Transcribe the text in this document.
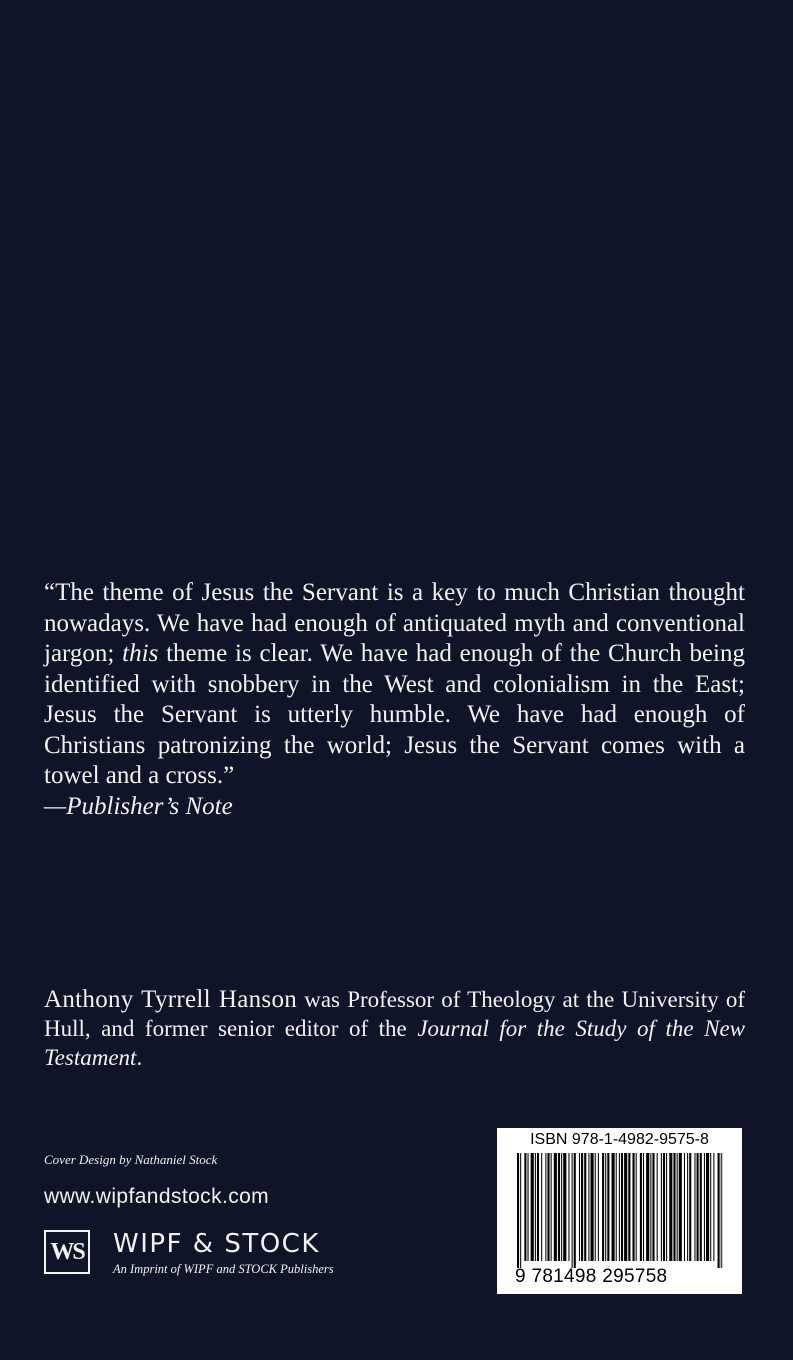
“The theme of Jesus the Servant is a key to much Christian thought nowadays. We have had enough of antiquated myth and conventional jargon; this theme is clear. We have had enough of the Church being identified with snobbery in the West and colonialism in the East; Jesus the Servant is utterly humble. We have had enough of Christians patronizing the world; Jesus the Servant comes with a towel and a cross.”

—Publisher’s Note
Anthony Tyrrell Hanson was Professor of Theology at the University of Hull, and former senior editor of the Journal for the Study of the New Testament.
Cover Design by Nathaniel Stock
www.wipfandstock.com
WS WIPF & STOCK
An Imprint of WIPF and STOCK Publishers
ISBN 978-1-4982-9575-8
9 781498 295758
